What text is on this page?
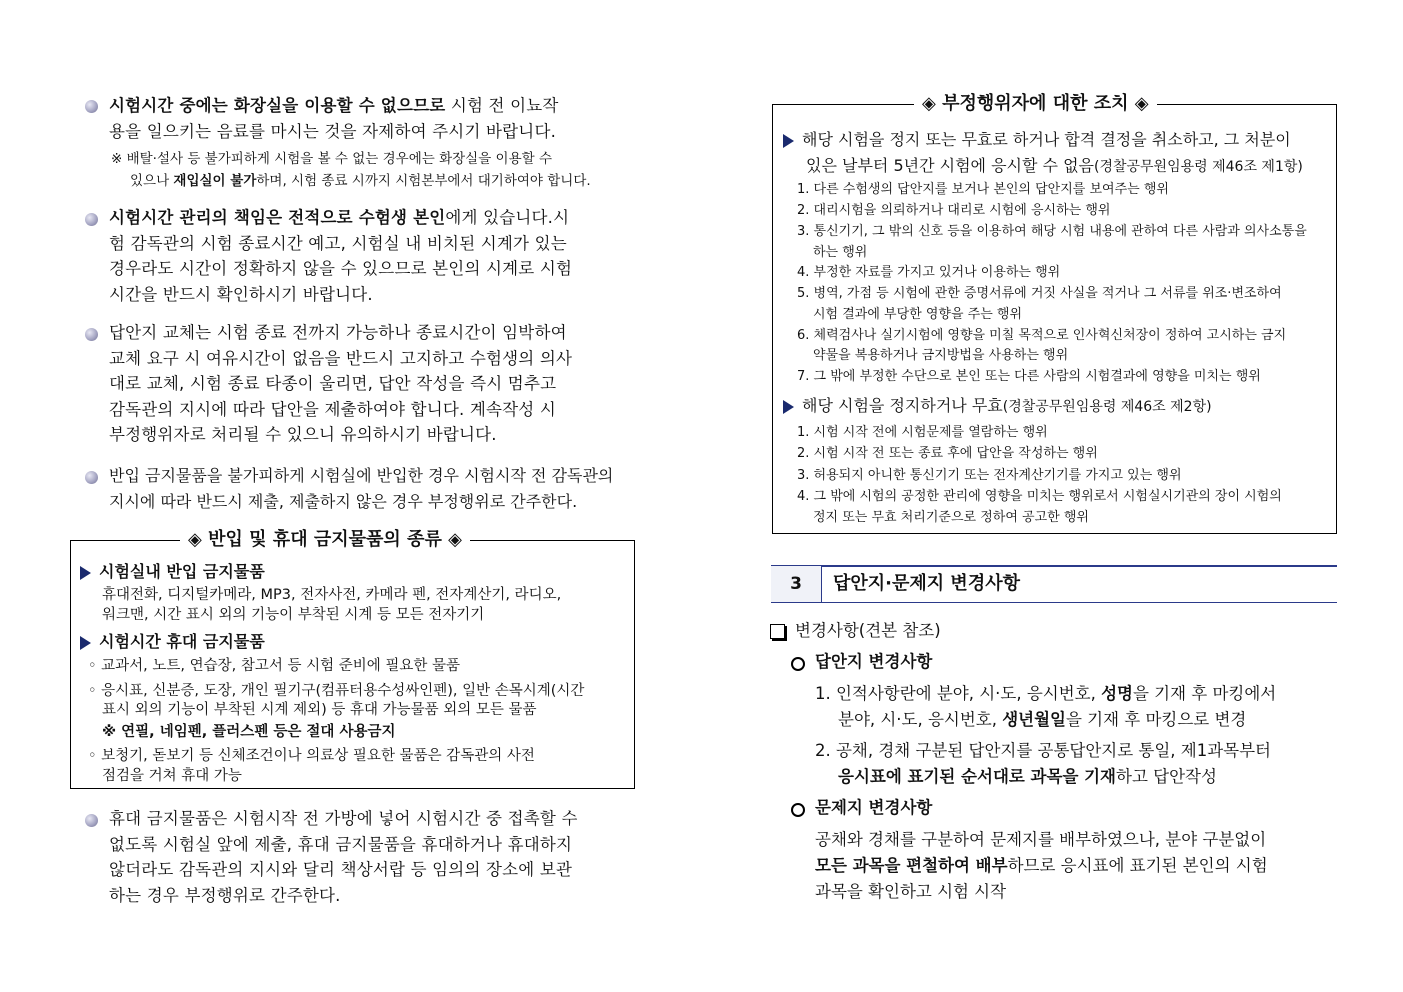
시험시간 중에는 화장실을 이용할 수 없으므로 시험 전 이뇨작
용을 일으키는 음료를 마시는 것을 자제하여 주시기 바랍니다.
※ 배탈·설사 등 불가피하게 시험을 볼 수 없는 경우에는 화장실을 이용할 수
있으나 재입실이 불가하며, 시험 종료 시까지 시험본부에서 대기하여야 합니다.
시험시간 관리의 책임은 전적으로 수험생 본인에게 있습니다.시
험 감독관의 시험 종료시간 예고, 시험실 내 비치된 시계가 있는
경우라도 시간이 정확하지 않을 수 있으므로 본인의 시계로 시험
시간을 반드시 확인하시기 바랍니다.
답안지 교체는 시험 종료 전까지 가능하나 종료시간이 임박하여
교체 요구 시 여유시간이 없음을 반드시 고지하고 수험생의 의사
대로 교체, 시험 종료 타종이 울리면, 답안 작성을 즉시 멈추고
감독관의 지시에 따라 답안을 제출하여야 합니다. 계속작성 시
부정행위자로 처리될 수 있으니 유의하시기 바랍니다.
반입 금지물품을 불가피하게 시험실에 반입한 경우 시험시작 전 감독관의
지시에 따라 반드시 제출, 제출하지 않은 경우 부정행위로 간주한다.
◈ 반입 및 휴대 금지물품의 종류 ◈
시험실내 반입 금지물품
휴대전화, 디지털카메라, MP3, 전자사전, 카메라 펜, 전자계산기, 라디오,
워크맨, 시간 표시 외의 기능이 부착된 시계 등 모든 전자기기
시험시간 휴대 금지물품
◦ 교과서, 노트, 연습장, 참고서 등 시험 준비에 필요한 물품
◦ 응시표, 신분증, 도장, 개인 필기구(컴퓨터용수성싸인펜), 일반 손목시계(시간
표시 외의 기능이 부착된 시계 제외) 등 휴대 가능물품 외의 모든 물품
※ 연필, 네임펜, 플러스펜 등은 절대 사용금지
◦ 보청기, 돋보기 등 신체조건이나 의료상 필요한 물품은 감독관의 사전
점검을 거쳐 휴대 가능
휴대 금지물품은 시험시작 전 가방에 넣어 시험시간 중 접촉할 수
없도록 시험실 앞에 제출, 휴대 금지물품을 휴대하거나 휴대하지
않더라도 감독관의 지시와 달리 책상서랍 등 임의의 장소에 보관
하는 경우 부정행위로 간주한다.
◈ 부정행위자에 대한 조치 ◈
해당 시험을 정지 또는 무효로 하거나 합격 결정을 취소하고, 그 처분이
있은 날부터 5년간 시험에 응시할 수 없음(경찰공무원임용령 제46조 제1항)
1. 다른 수험생의 답안지를 보거나 본인의 답안지를 보여주는 행위
2. 대리시험을 의뢰하거나 대리로 시험에 응시하는 행위
3. 통신기기, 그 밖의 신호 등을 이용하여 해당 시험 내용에 관하여 다른 사람과 의사소통을
하는 행위
4. 부정한 자료를 가지고 있거나 이용하는 행위
5. 병역, 가점 등 시험에 관한 증명서류에 거짓 사실을 적거나 그 서류를 위조·변조하여
시험 결과에 부당한 영향을 주는 행위
6. 체력검사나 실기시험에 영향을 미칠 목적으로 인사혁신처장이 정하여 고시하는 금지
약물을 복용하거나 금지방법을 사용하는 행위
7. 그 밖에 부정한 수단으로 본인 또는 다른 사람의 시험결과에 영향을 미치는 행위
해당 시험을 정지하거나 무효(경찰공무원임용령 제46조 제2항)
1. 시험 시작 전에 시험문제를 열람하는 행위
2. 시험 시작 전 또는 종료 후에 답안을 작성하는 행위
3. 허용되지 아니한 통신기기 또는 전자계산기기를 가지고 있는 행위
4. 그 밖에 시험의 공정한 관리에 영향을 미치는 행위로서 시험실시기관의 장이 시험의
정지 또는 무효 처리기준으로 정하여 공고한 행위
3	답안지·문제지 변경사항
변경사항(견본 참조)
답안지 변경사항
1. 인적사항란에 분야, 시·도, 응시번호, 성명을 기재 후 마킹에서
분야, 시·도, 응시번호, 생년월일을 기재 후 마킹으로 변경
2. 공채, 경채 구분된 답안지를 공통답안지로 통일, 제1과목부터
응시표에 표기된 순서대로 과목을 기재하고 답안작성
문제지 변경사항
공채와 경채를 구분하여 문제지를 배부하였으나, 분야 구분없이
모든 과목을 편철하여 배부하므로 응시표에 표기된 본인의 시험
과목을 확인하고 시험 시작
